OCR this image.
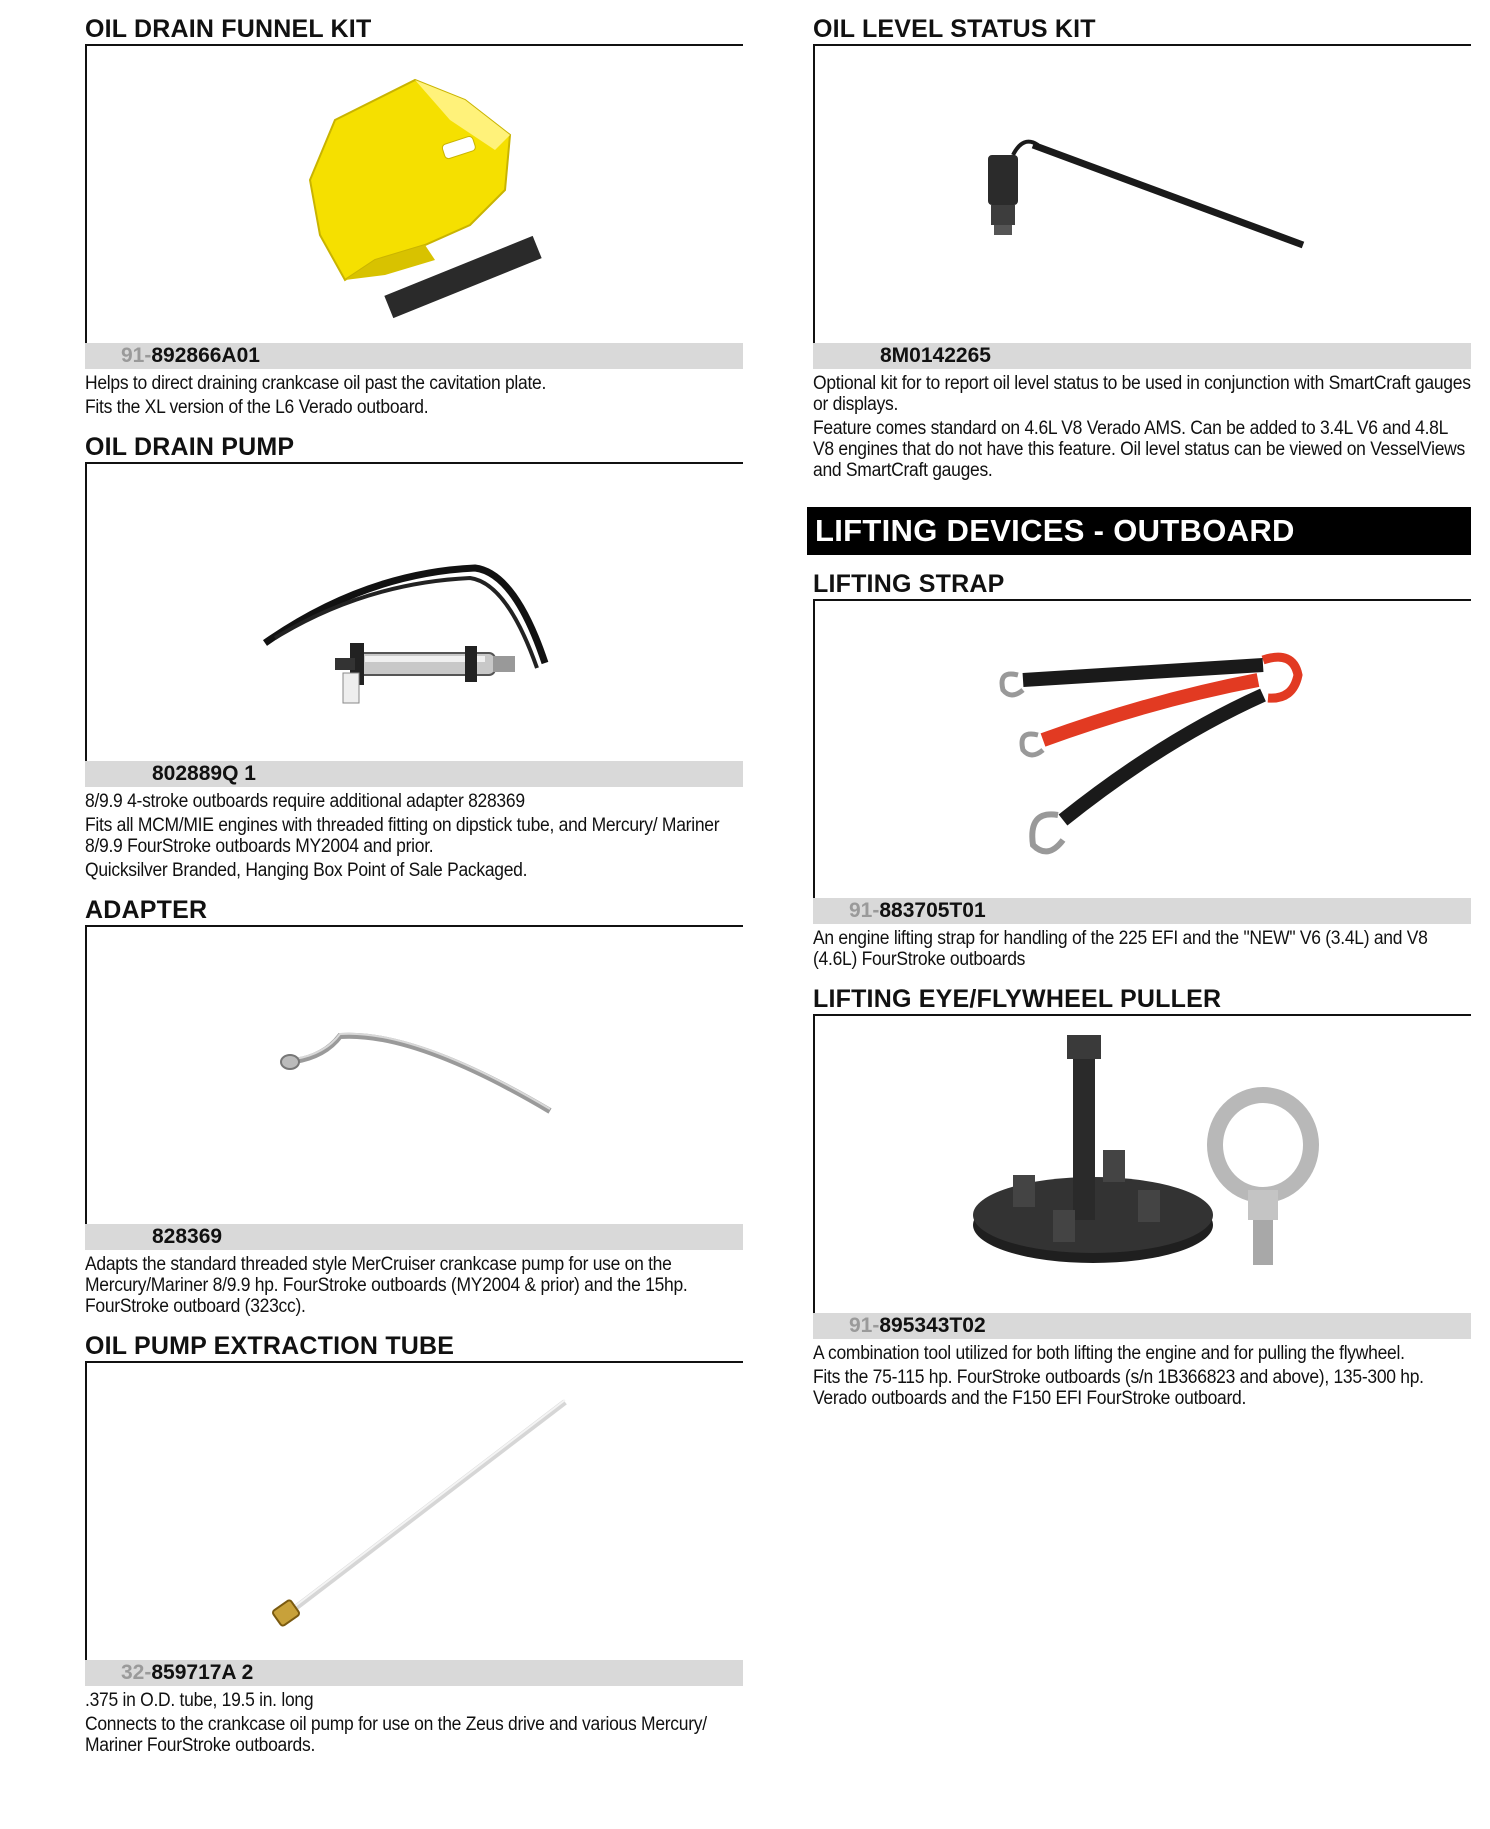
OIL DRAIN FUNNEL KIT
91-892866A01

Helps to direct draining crankcase oil past the cavitation plate.

Fits the XL version of the L6 Verado outboard.

OIL DRAIN PUMP
802889Q 1

8/9.9 4-stroke outboards require additional adapter 828369

Fits all MCM/MIE engines with threaded fitting on dipstick tube, and Mercury/ Mariner 8/9.9 FourStroke outboards MY2004 and prior.

Quicksilver Branded, Hanging Box Point of Sale Packaged.

ADAPTER
828369

Adapts the standard threaded style MerCruiser crankcase pump for use on the Mercury/Mariner 8/9.9 hp. FourStroke outboards (MY2004 & prior) and the 15hp. FourStroke outboard (323cc).

OIL PUMP EXTRACTION TUBE
32-859717A 2

.375 in O.D. tube, 19.5 in. long

Connects to the crankcase oil pump for use on the Zeus drive and various Mercury/ Mariner FourStroke outboards.

OIL LEVEL STATUS KIT
8M0142265

Optional kit for to report oil level status to be used in conjunction with SmartCraft gauges or displays.

Feature comes standard on 4.6L V8 Verado AMS. Can be added to 3.4L V6 and 4.8L V8 engines that do not have this feature. Oil level status can be viewed on VesselViews and SmartCraft gauges.

LIFTING DEVICES - OUTBOARD
LIFTING STRAP
91-883705T01

An engine lifting strap for handling of the 225 EFI and the "NEW" V6 (3.4L) and V8 (4.6L) FourStroke outboards

LIFTING EYE/FLYWHEEL PULLER
91-895343T02

A combination tool utilized for both lifting the engine and for pulling the flywheel.

Fits the 75-115 hp. FourStroke outboards (s/n 1B366823 and above), 135-300 hp. Verado outboards and the F150 EFI FourStroke outboard.
